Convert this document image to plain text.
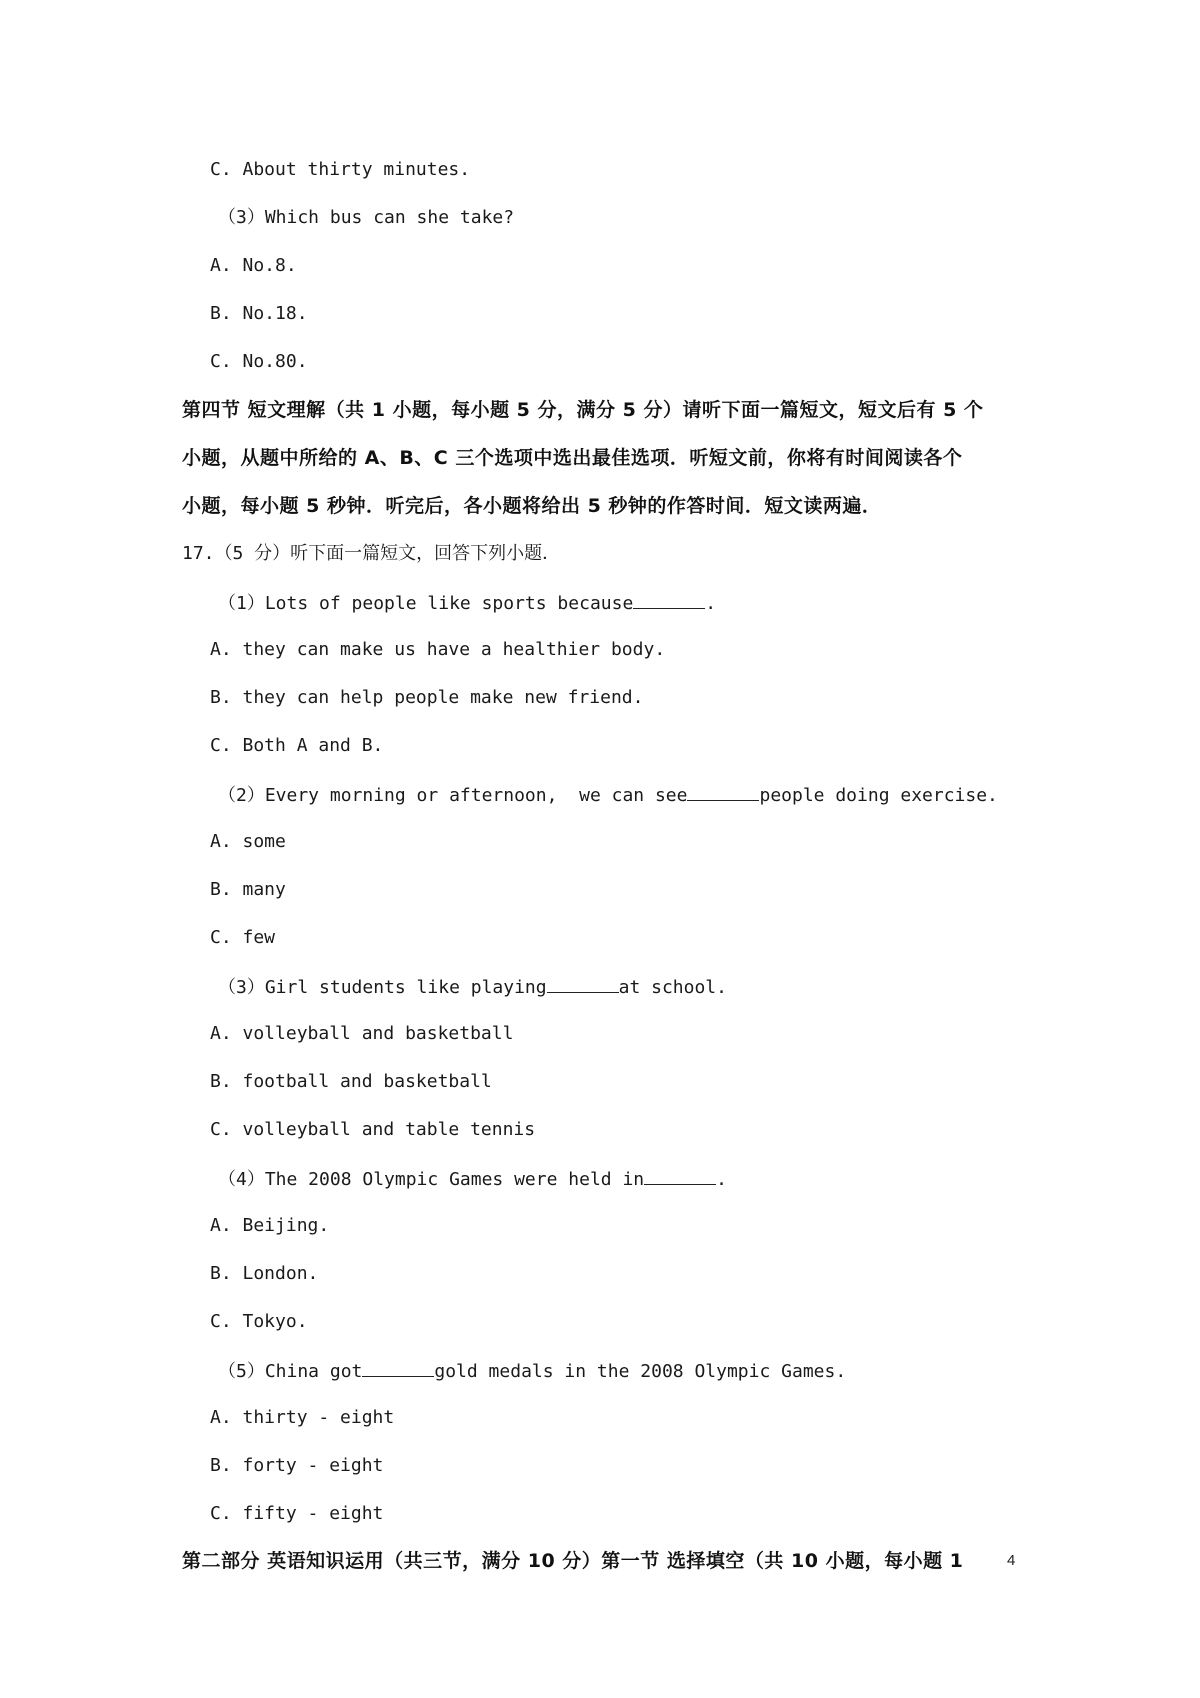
C. About thirty minutes.
（3）Which bus can she take?
A. No.8.
B. No.18.
C. No.80.
第四节 短文理解（共 1 小题，每小题 5 分，满分 5 分）请听下面一篇短文，短文后有 5 个
小题，从题中所给的 A、B、C 三个选项中选出最佳选项．听短文前，你将有时间阅读各个
小题，每小题 5 秒钟．听完后，各小题将给出 5 秒钟的作答时间．短文读两遍．
17.（5 分）听下面一篇短文，回答下列小题．
（1）Lots of people like sports because	.
A. they can make us have a healthier body.
B. they can help people make new friend.
C. Both A and B.
（2）Every morning or afternoon,  we can see	people doing exercise.
A. some
B. many
C. few
（3）Girl students like playing	at school.
A. volleyball and basketball
B. football and basketball
C. volleyball and table tennis
（4）The 2008 Olympic Games were held in	.
A. Beijing.
B. London.
C. Tokyo.
（5）China got	gold medals in the 2008 Olympic Games.
A. thirty - eight
B. forty - eight
C. fifty - eight
第二部分 英语知识运用（共三节，满分 10 分）第一节 选择填空（共 10 小题，每小题 1	4
